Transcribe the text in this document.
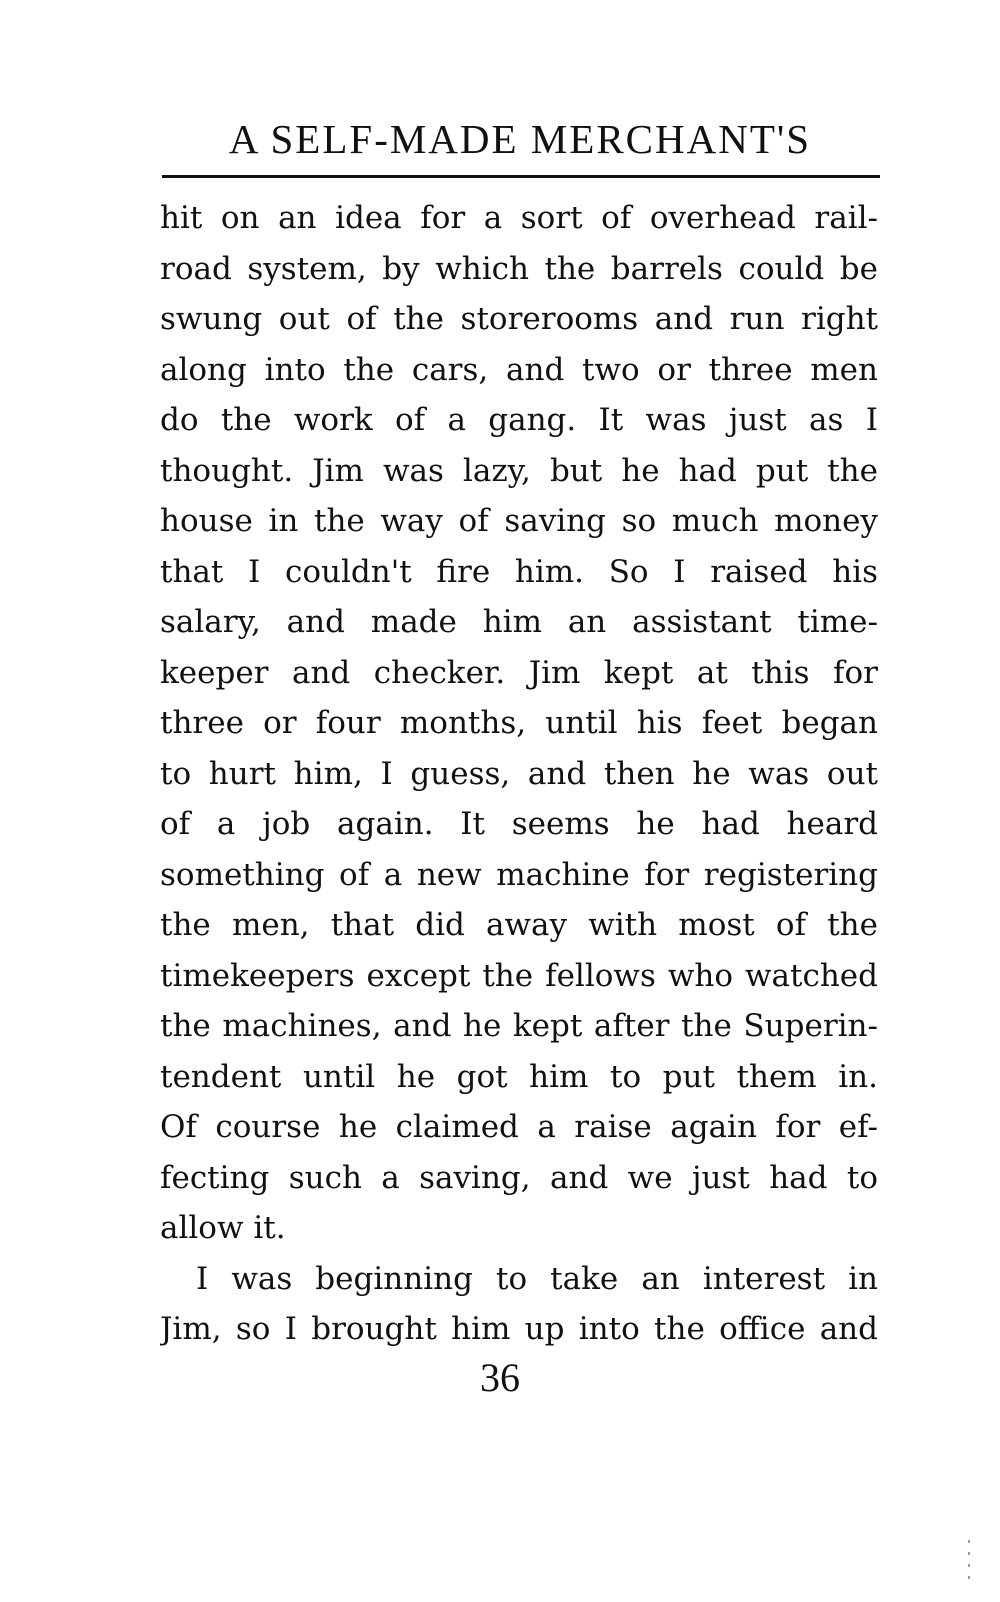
A SELF-MADE MERCHANT'S
hit on an idea for a sort of overhead rail-
road system, by which the barrels could be
swung out of the storerooms and run right
along into the cars, and two or three men
do the work of a gang. It was just as I
thought. Jim was lazy, but he had put the
house in the way of saving so much money
that I couldn't fire him. So I raised his
salary, and made him an assistant time-
keeper and checker. Jim kept at this for
three or four months, until his feet began
to hurt him, I guess, and then he was out
of a job again. It seems he had heard
something of a new machine for registering
the men, that did away with most of the
timekeepers except the fellows who watched
the machines, and he kept after the Superin-
tendent until he got him to put them in.
Of course he claimed a raise again for ef-
fecting such a saving, and we just had to
allow it.
I was beginning to take an interest in
Jim, so I brought him up into the office and
36
